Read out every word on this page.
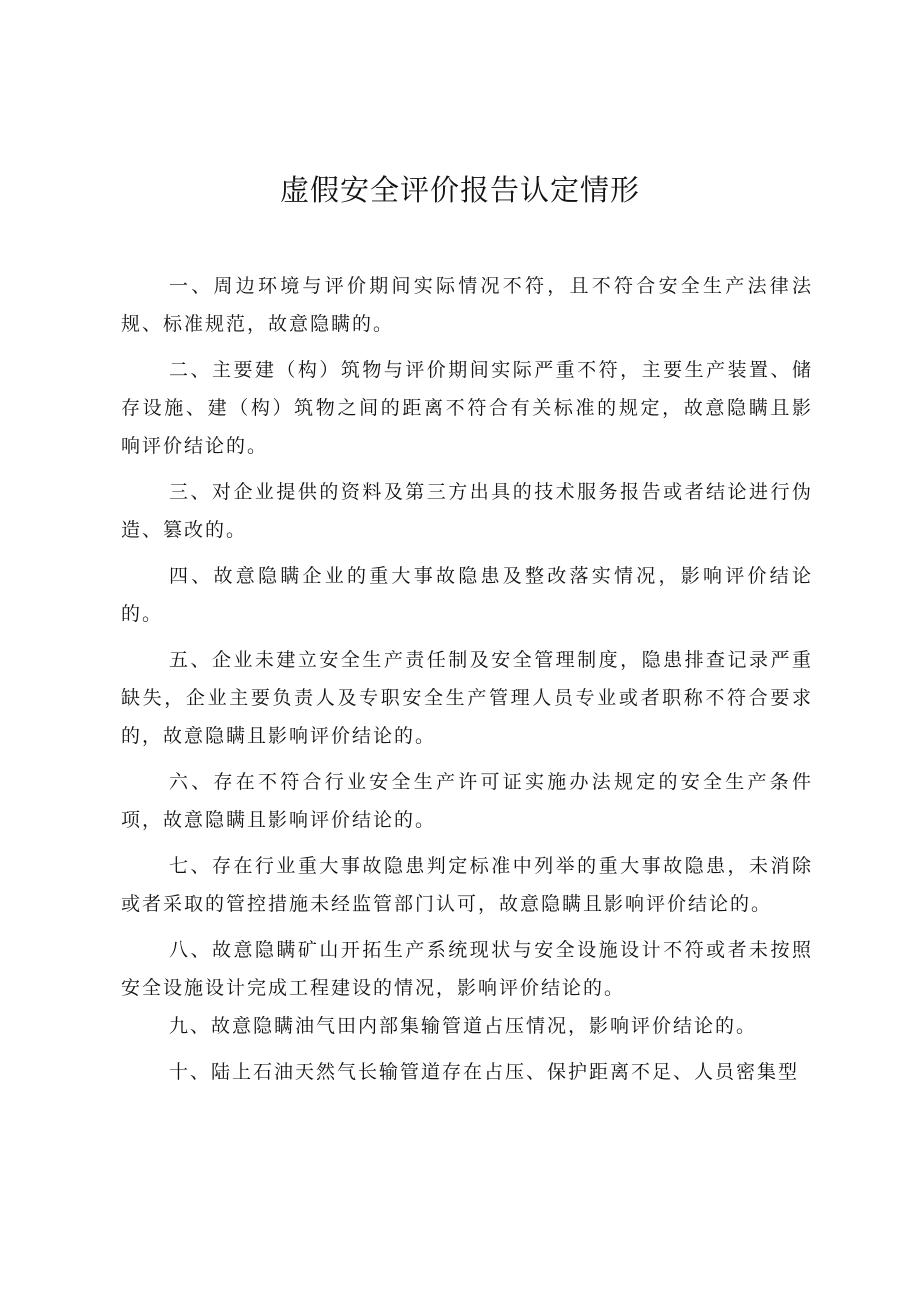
虚假安全评价报告认定情形

一、周边环境与评价期间实际情况不符，且不符合安全生产法律法规、标准规范，故意隐瞒的。

二、主要建（构）筑物与评价期间实际严重不符，主要生产装置、储存设施、建（构）筑物之间的距离不符合有关标准的规定，故意隐瞒且影响评价结论的。

三、对企业提供的资料及第三方出具的技术服务报告或者结论进行伪造、篡改的。

四、故意隐瞒企业的重大事故隐患及整改落实情况，影响评价结论的。

五、企业未建立安全生产责任制及安全管理制度，隐患排查记录严重缺失，企业主要负责人及专职安全生产管理人员专业或者职称不符合要求的，故意隐瞒且影响评价结论的。

六、存在不符合行业安全生产许可证实施办法规定的安全生产条件项，故意隐瞒且影响评价结论的。

七、存在行业重大事故隐患判定标准中列举的重大事故隐患，未消除或者采取的管控措施未经监管部门认可，故意隐瞒且影响评价结论的。

八、故意隐瞒矿山开拓生产系统现状与安全设施设计不符或者未按照安全设施设计完成工程建设的情况，影响评价结论的。

九、故意隐瞒油气田内部集输管道占压情况，影响评价结论的。

十、陆上石油天然气长输管道存在占压、保护距离不足、人员密集型
